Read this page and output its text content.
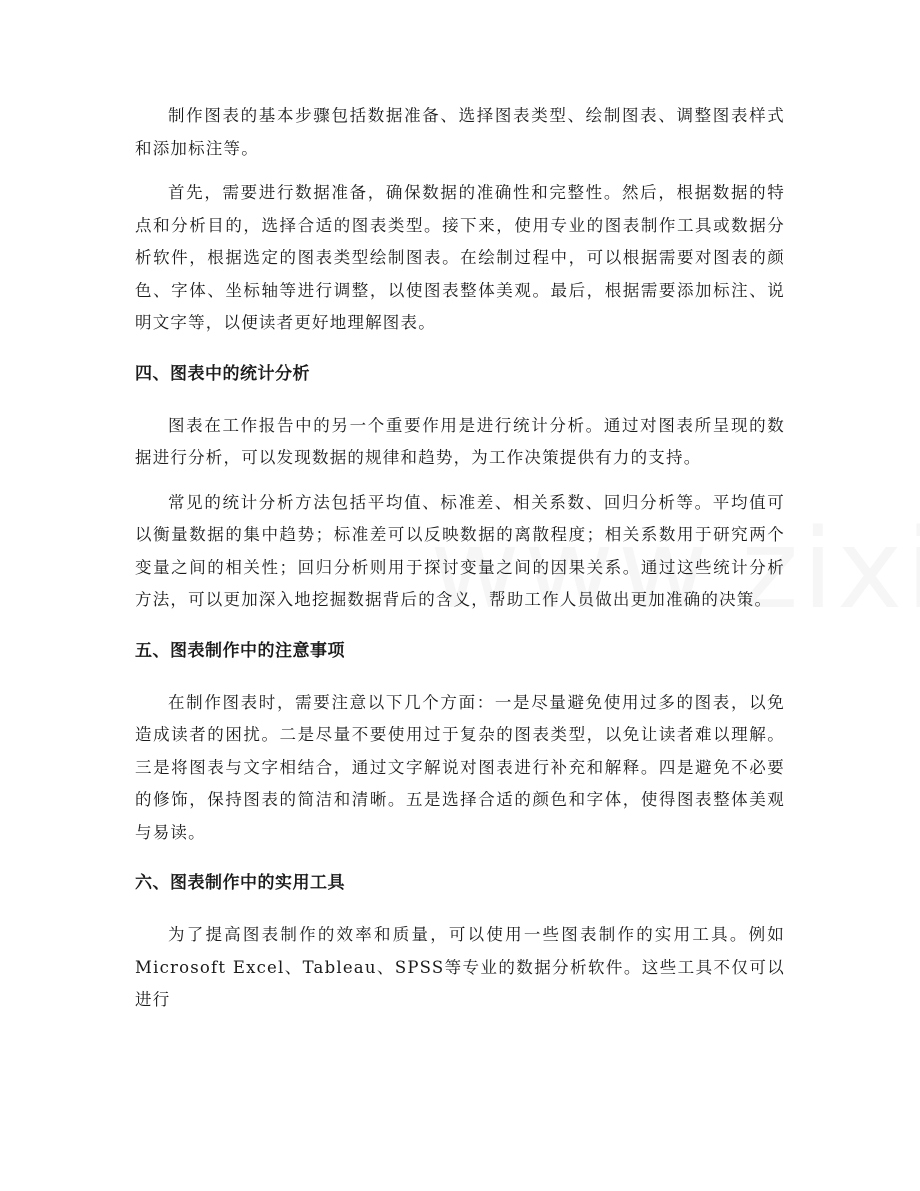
制作图表的基本步骤包括数据准备、选择图表类型、绘制图表、调整图表样式和添加标注等。

首先，需要进行数据准备，确保数据的准确性和完整性。然后，根据数据的特点和分析目的，选择合适的图表类型。接下来，使用专业的图表制作工具或数据分析软件，根据选定的图表类型绘制图表。在绘制过程中，可以根据需要对图表的颜色、字体、坐标轴等进行调整，以使图表整体美观。最后，根据需要添加标注、说明文字等，以便读者更好地理解图表。

四、图表中的统计分析

图表在工作报告中的另一个重要作用是进行统计分析。通过对图表所呈现的数据进行分析，可以发现数据的规律和趋势，为工作决策提供有力的支持。

常见的统计分析方法包括平均值、标准差、相关系数、回归分析等。平均值可以衡量数据的集中趋势；标准差可以反映数据的离散程度；相关系数用于研究两个变量之间的相关性；回归分析则用于探讨变量之间的因果关系。通过这些统计分析方法，可以更加深入地挖掘数据背后的含义，帮助工作人员做出更加准确的决策。

五、图表制作中的注意事项

在制作图表时，需要注意以下几个方面：一是尽量避免使用过多的图表，以免造成读者的困扰。二是尽量不要使用过于复杂的图表类型，以免让读者难以理解。三是将图表与文字相结合，通过文字解说对图表进行补充和解释。四是避免不必要的修饰，保持图表的简洁和清晰。五是选择合适的颜色和字体，使得图表整体美观与易读。

六、图表制作中的实用工具

为了提高图表制作的效率和质量，可以使用一些图表制作的实用工具。例如Microsoft Excel、Tableau、SPSS等专业的数据分析软件。这些工具不仅可以进行
